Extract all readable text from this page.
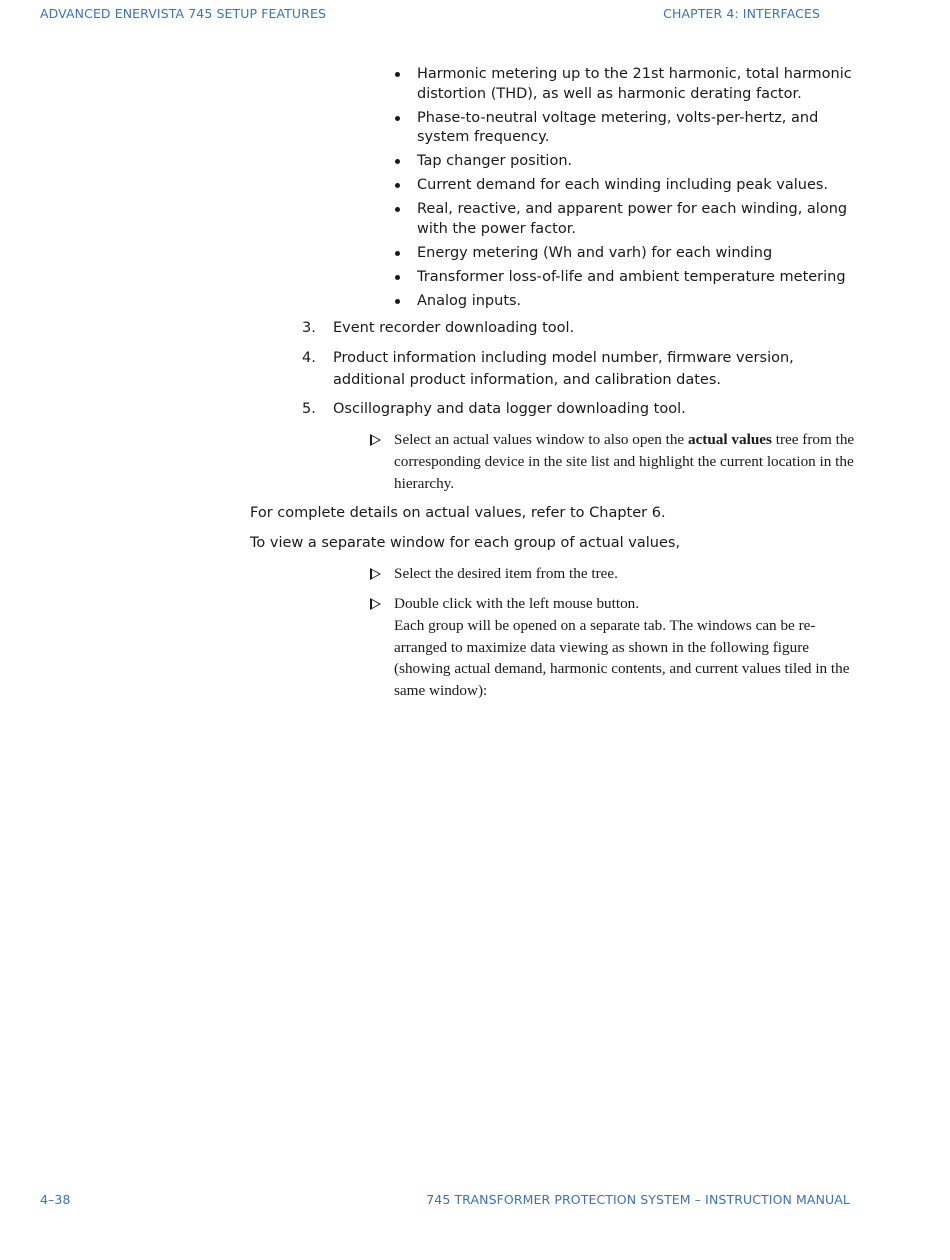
ADVANCED ENERVISTA 745 SETUP FEATURES	CHAPTER 4: INTERFACES
Harmonic metering up to the 21st harmonic, total harmonic distortion (THD), as well as harmonic derating factor.
Phase-to-neutral voltage metering, volts-per-hertz, and system frequency.
Tap changer position.
Current demand for each winding including peak values.
Real, reactive, and apparent power for each winding, along with the power factor.
Energy metering (Wh and varh) for each winding
Transformer loss-of-life and ambient temperature metering
Analog inputs.
3. Event recorder downloading tool.
4. Product information including model number, firmware version, additional product information, and calibration dates.
5. Oscillography and data logger downloading tool.
Select an actual values window to also open the actual values tree from the corresponding device in the site list and highlight the current location in the hierarchy.
For complete details on actual values, refer to Chapter 6.
To view a separate window for each group of actual values,
Select the desired item from the tree.
Double click with the left mouse button.
Each group will be opened on a separate tab. The windows can be re-arranged to maximize data viewing as shown in the following figure (showing actual demand, harmonic contents, and current values tiled in the same window):
4–38	745 TRANSFORMER PROTECTION SYSTEM – INSTRUCTION MANUAL
